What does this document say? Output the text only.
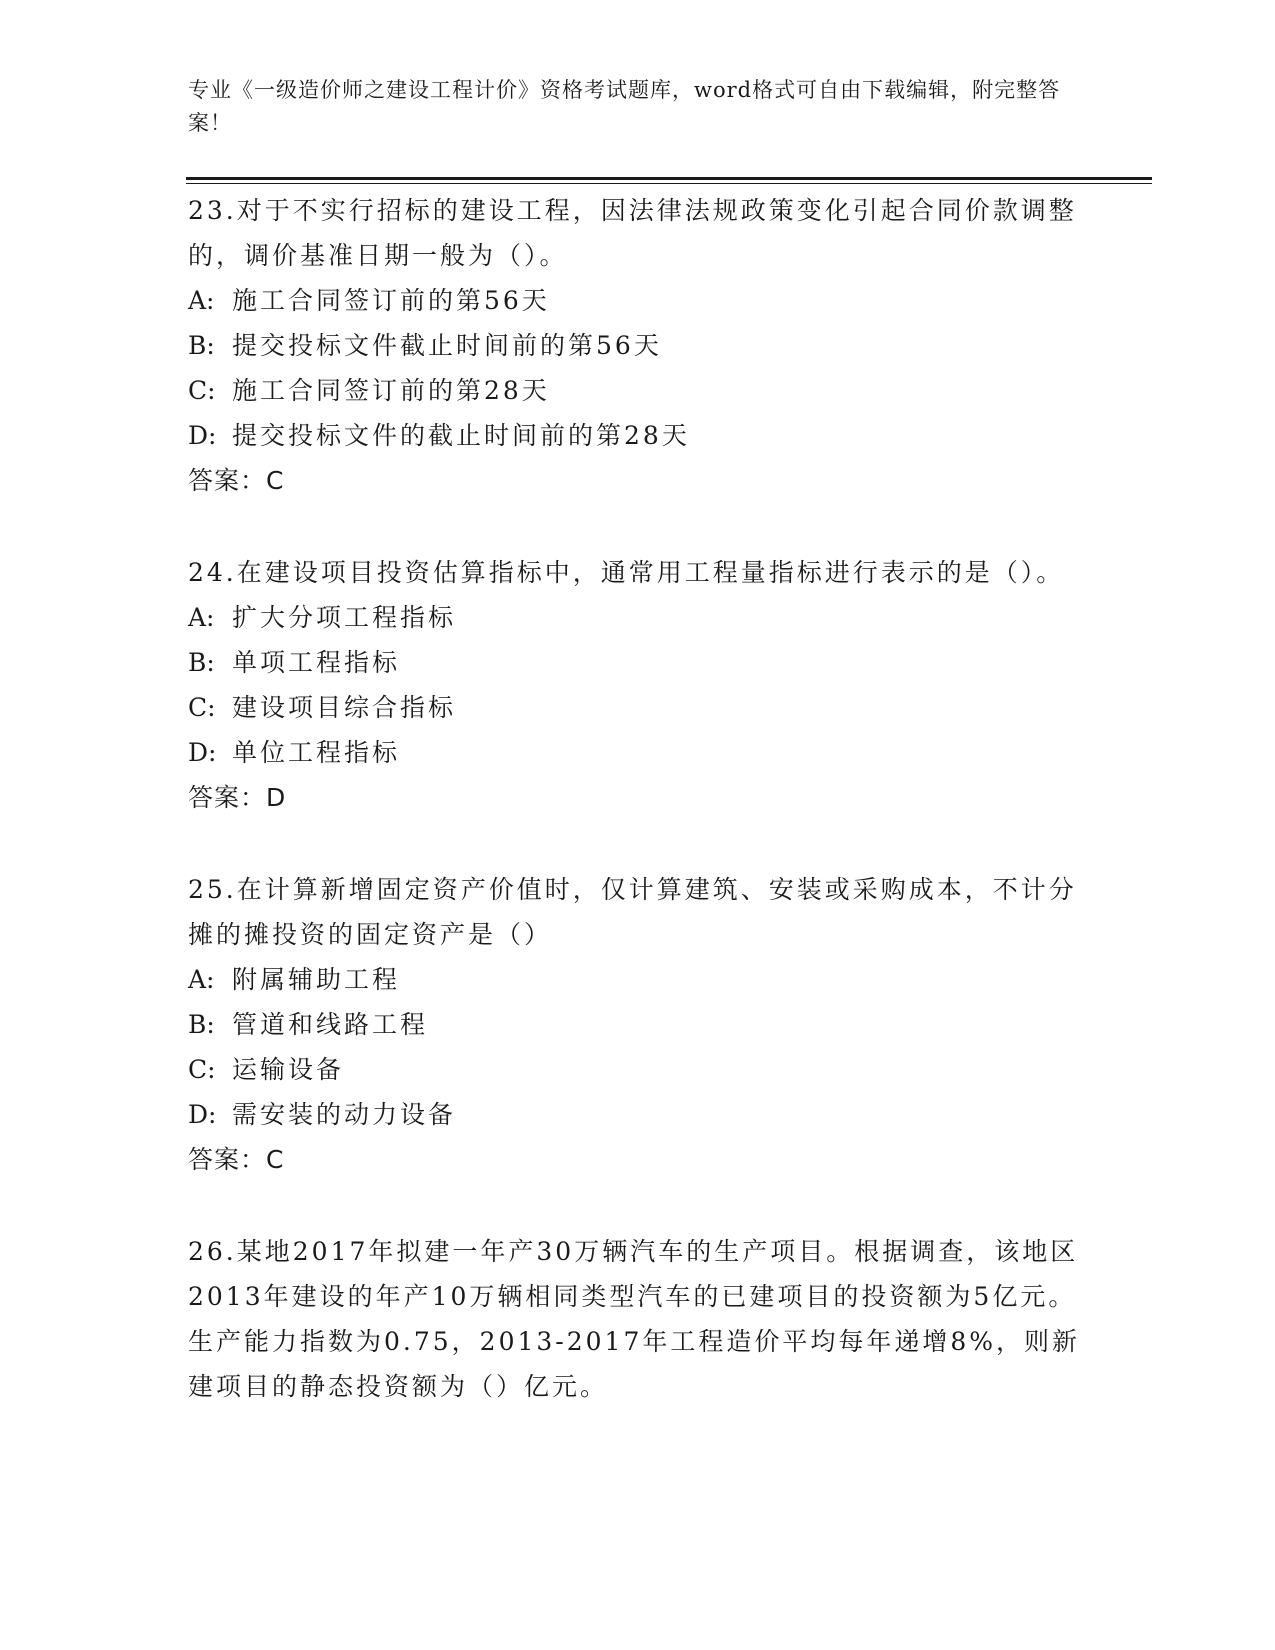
专业《一级造价师之建设工程计价》资格考试题库，word格式可自由下载编辑，附完整答案！

23.对于不实行招标的建设工程，因法律法规政策变化引起合同价款调整的，调价基准日期一般为（）。

A: 施工合同签订前的第56天
B: 提交投标文件截止时间前的第56天
C: 施工合同签订前的第28天
D: 提交投标文件的截止时间前的第28天
答案：C

24.在建设项目投资估算指标中，通常用工程量指标进行表示的是（）。

A: 扩大分项工程指标
B: 单项工程指标
C: 建设项目综合指标
D: 单位工程指标
答案：D

25.在计算新增固定资产价值时，仅计算建筑、安装或采购成本，不计分摊的摊投资的固定资产是（）

A: 附属辅助工程
B: 管道和线路工程
C: 运输设备
D: 需安装的动力设备
答案：C

26.某地2017年拟建一年产30万辆汽车的生产项目。根据调查，该地区2013年建设的年产10万辆相同类型汽车的已建项目的投资额为5亿元。生产能力指数为0.75，2013-2017年工程造价平均每年递增8%，则新建项目的静态投资额为（）亿元。
